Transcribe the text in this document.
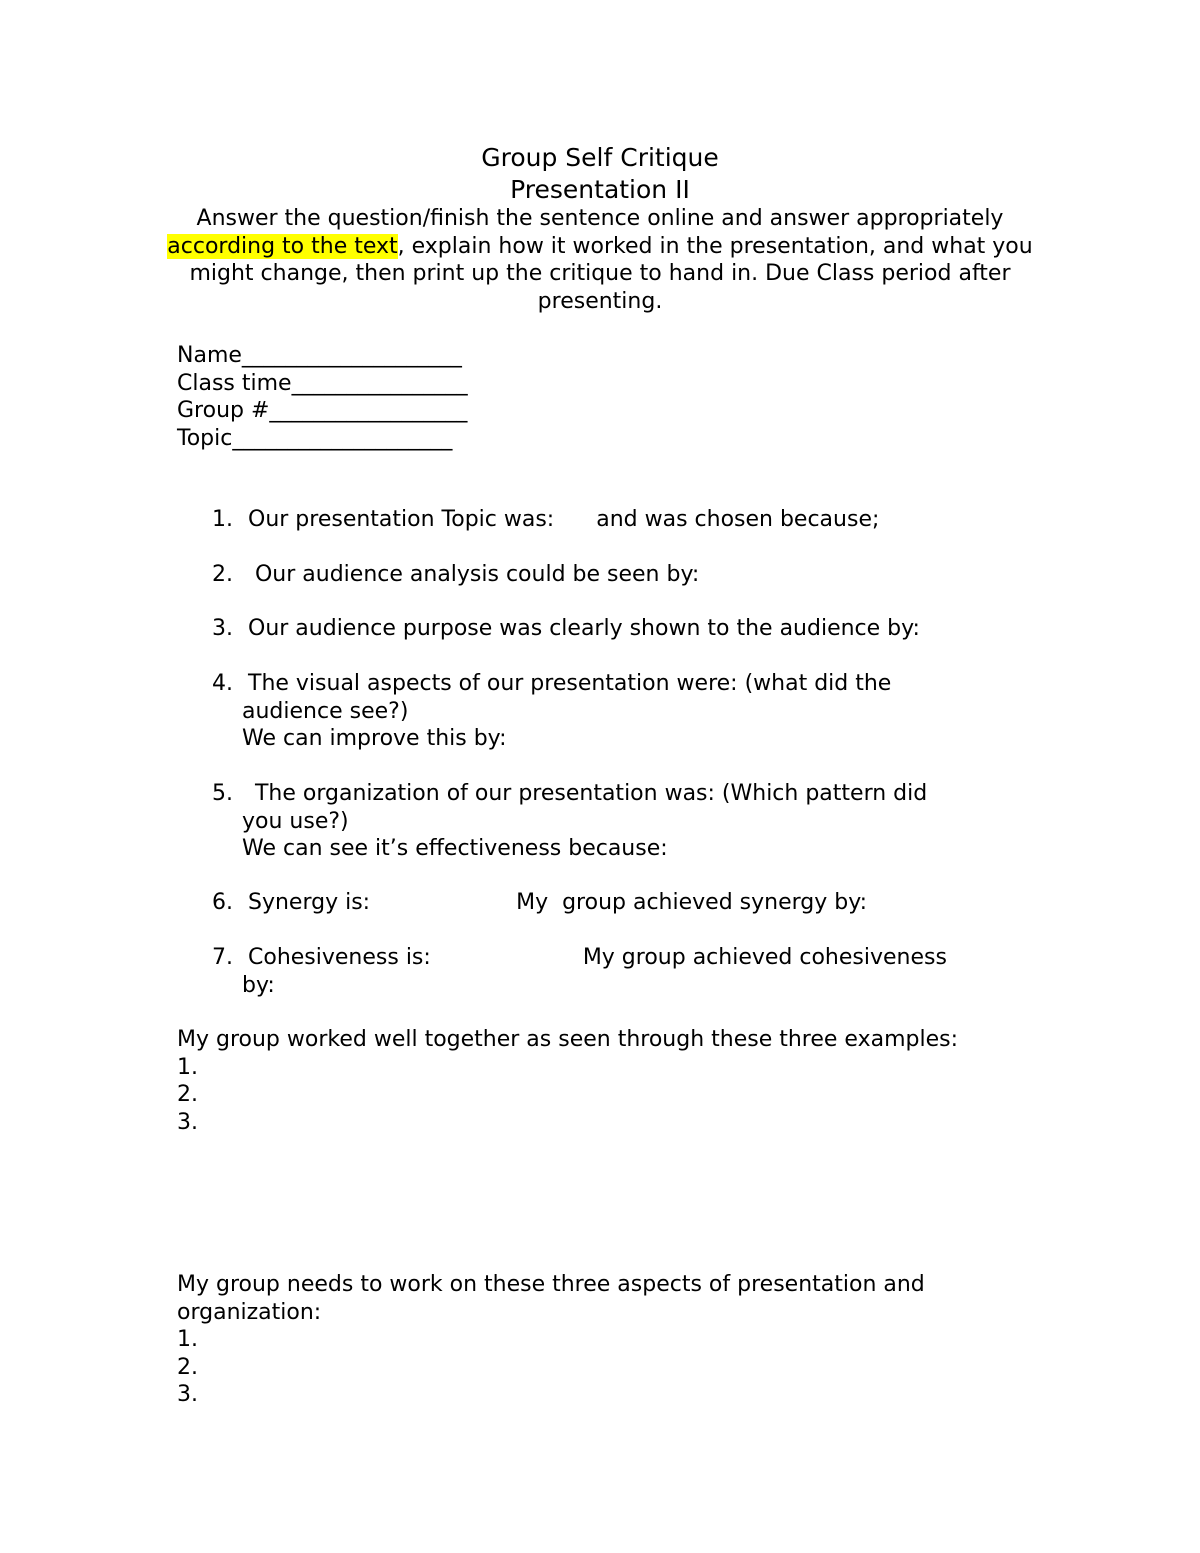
Group Self Critique
Presentation II
Answer the question/finish the sentence online and answer appropriately according to the text, explain how it worked in the presentation, and what you might change, then print up the critique to hand in. Due Class period after presenting.
Name____________________
Class time________________
Group #__________________
Topic____________________
1. Our presentation Topic was: and was chosen because;
2. Our audience analysis could be seen by:
3. Our audience purpose was clearly shown to the audience by:
4. The visual aspects of our presentation were: (what did the
audience see?)
We can improve this by:
5. The organization of our presentation was: (Which pattern did
you use?)
We can see it’s effectiveness because:
6. Synergy is:	My  group achieved synergy by:
7. Cohesiveness is:	My group achieved cohesiveness
by:
My group worked well together as seen through these three examples:
1.
2.
3.
My group needs to work on these three aspects of presentation and organization:
1.
2.
3.
